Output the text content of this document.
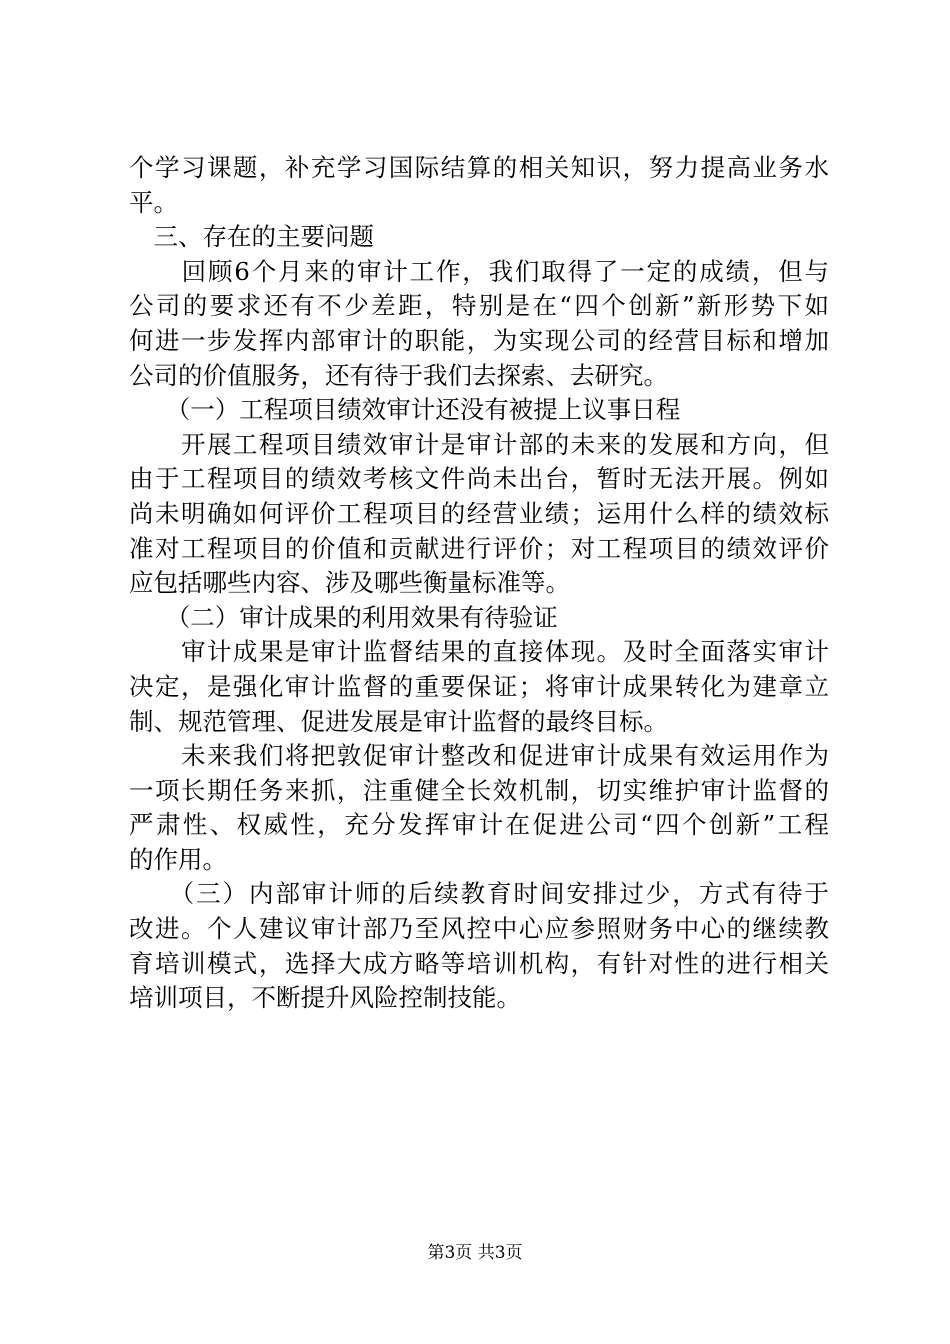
个学习课题，补充学习国际结算的相关知识，努力提高业务水
平。
　三、存在的主要问题
　　回顾6个月来的审计工作，我们取得了一定的成绩，但与
公司的要求还有不少差距，特别是在“四个创新”新形势下如
何进一步发挥内部审计的职能，为实现公司的经营目标和增加
公司的价值服务，还有待于我们去探索、去研究。
　　（一）工程项目绩效审计还没有被提上议事日程
　　开展工程项目绩效审计是审计部的未来的发展和方向，但
由于工程项目的绩效考核文件尚未出台，暂时无法开展。例如
尚未明确如何评价工程项目的经营业绩；运用什么样的绩效标
准对工程项目的价值和贡献进行评价；对工程项目的绩效评价
应包括哪些内容、涉及哪些衡量标准等。
　　（二）审计成果的利用效果有待验证
　　审计成果是审计监督结果的直接体现。及时全面落实审计
决定，是强化审计监督的重要保证；将审计成果转化为建章立
制、规范管理、促进发展是审计监督的最终目标。
　　未来我们将把敦促审计整改和促进审计成果有效运用作为
一项长期任务来抓，注重健全长效机制，切实维护审计监督的
严肃性、权威性，充分发挥审计在促进公司“四个创新”工程
的作用。
　　（三）内部审计师的后续教育时间安排过少，方式有待于
改进。个人建议审计部乃至风控中心应参照财务中心的继续教
育培训模式，选择大成方略等培训机构，有针对性的进行相关
培训项目，不断提升风险控制技能。
第3页 共3页
